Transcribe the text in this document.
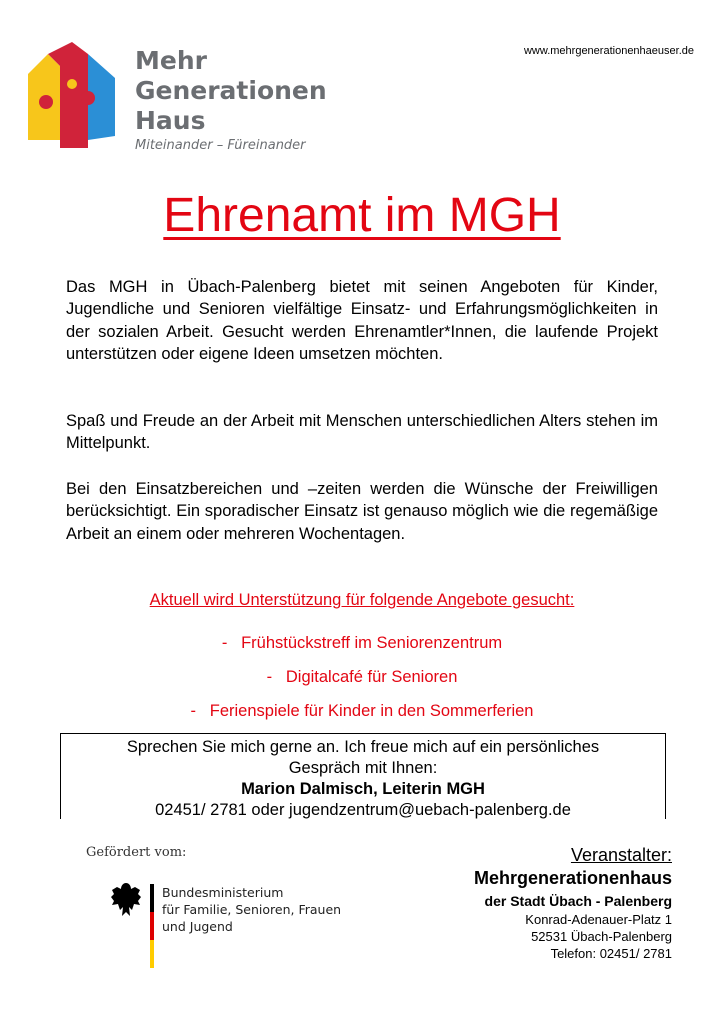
Mehr
Generationen
Haus
Miteinander – Füreinander
www.mehrgenerationenhaeuser.de
Ehrenamt im MGH
Das MGH in Übach-Palenberg bietet mit seinen Angeboten für Kinder, Jugendliche und Senioren vielfältige Einsatz- und Erfahrungsmöglichkeiten in der sozialen Arbeit. Gesucht werden Ehrenamtler*Innen, die laufende Projekt unterstützen oder eigene Ideen umsetzen möchten.
Spaß und Freude an der Arbeit mit Menschen unterschiedlichen Alters stehen im Mittelpunkt.
Bei den Einsatzbereichen und –zeiten werden die Wünsche der Freiwilligen berücksichtigt. Ein sporadischer Einsatz ist genauso möglich wie die regemäßige Arbeit an einem oder mehreren Wochentagen.
Aktuell wird Unterstützung für folgende Angebote gesucht:
-   Frühstückstreff im Seniorenzentrum
-   Digitalcafé für Senioren
-   Ferienspiele für Kinder in den Sommerferien
Sprechen Sie mich gerne an. Ich freue mich auf ein persönliches
Gespräch mit Ihnen:
Marion Dalmisch, Leiterin MGH
02451/ 2781 oder jugendzentrum@uebach-palenberg.de
Gefördert vom:
Bundesministerium
für Familie, Senioren, Frauen
und Jugend
Veranstalter:
Mehrgenerationenhaus
der Stadt Übach - Palenberg
Konrad-Adenauer-Platz 1
52531 Übach-Palenberg
Telefon: 02451/ 2781
